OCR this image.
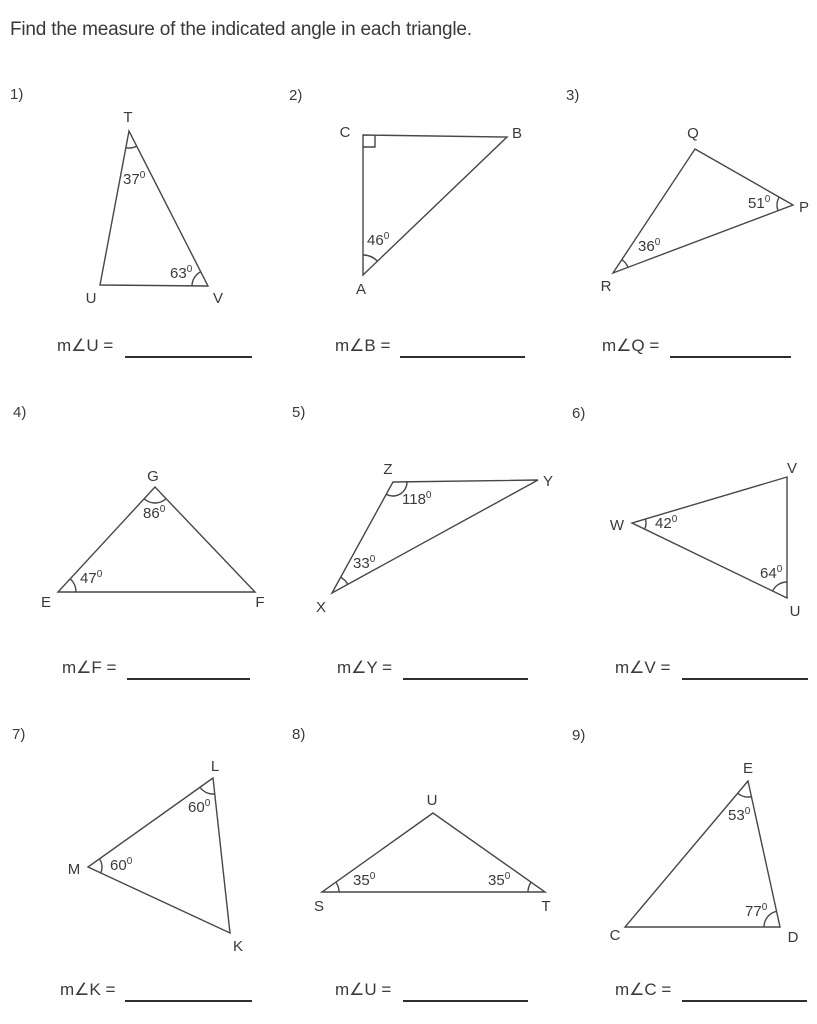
Find the measure of the indicated angle in each triangle.
1)
T
U	V
$37^0$
$63^0$
m∠U =
2)
C	B
A
$46^0$
m∠B =
3)
Q
P
R
$51^0$
$36^0$
m∠Q =
4)
G
E	F
$86^0$
$47^0$
m∠F =
5)
Z
Y
X
$118^0$
$33^0$
m∠Y =
6)
V
W
U
$42^0$
$64^0$
m∠V =
7)
L
M
K
$60^0$
$60^0$
m∠K =
8)
U
S	T
$35^0$	$35^0$
m∠U =
9)
E
C	D
$53^0$
$77^0$
m∠C =
